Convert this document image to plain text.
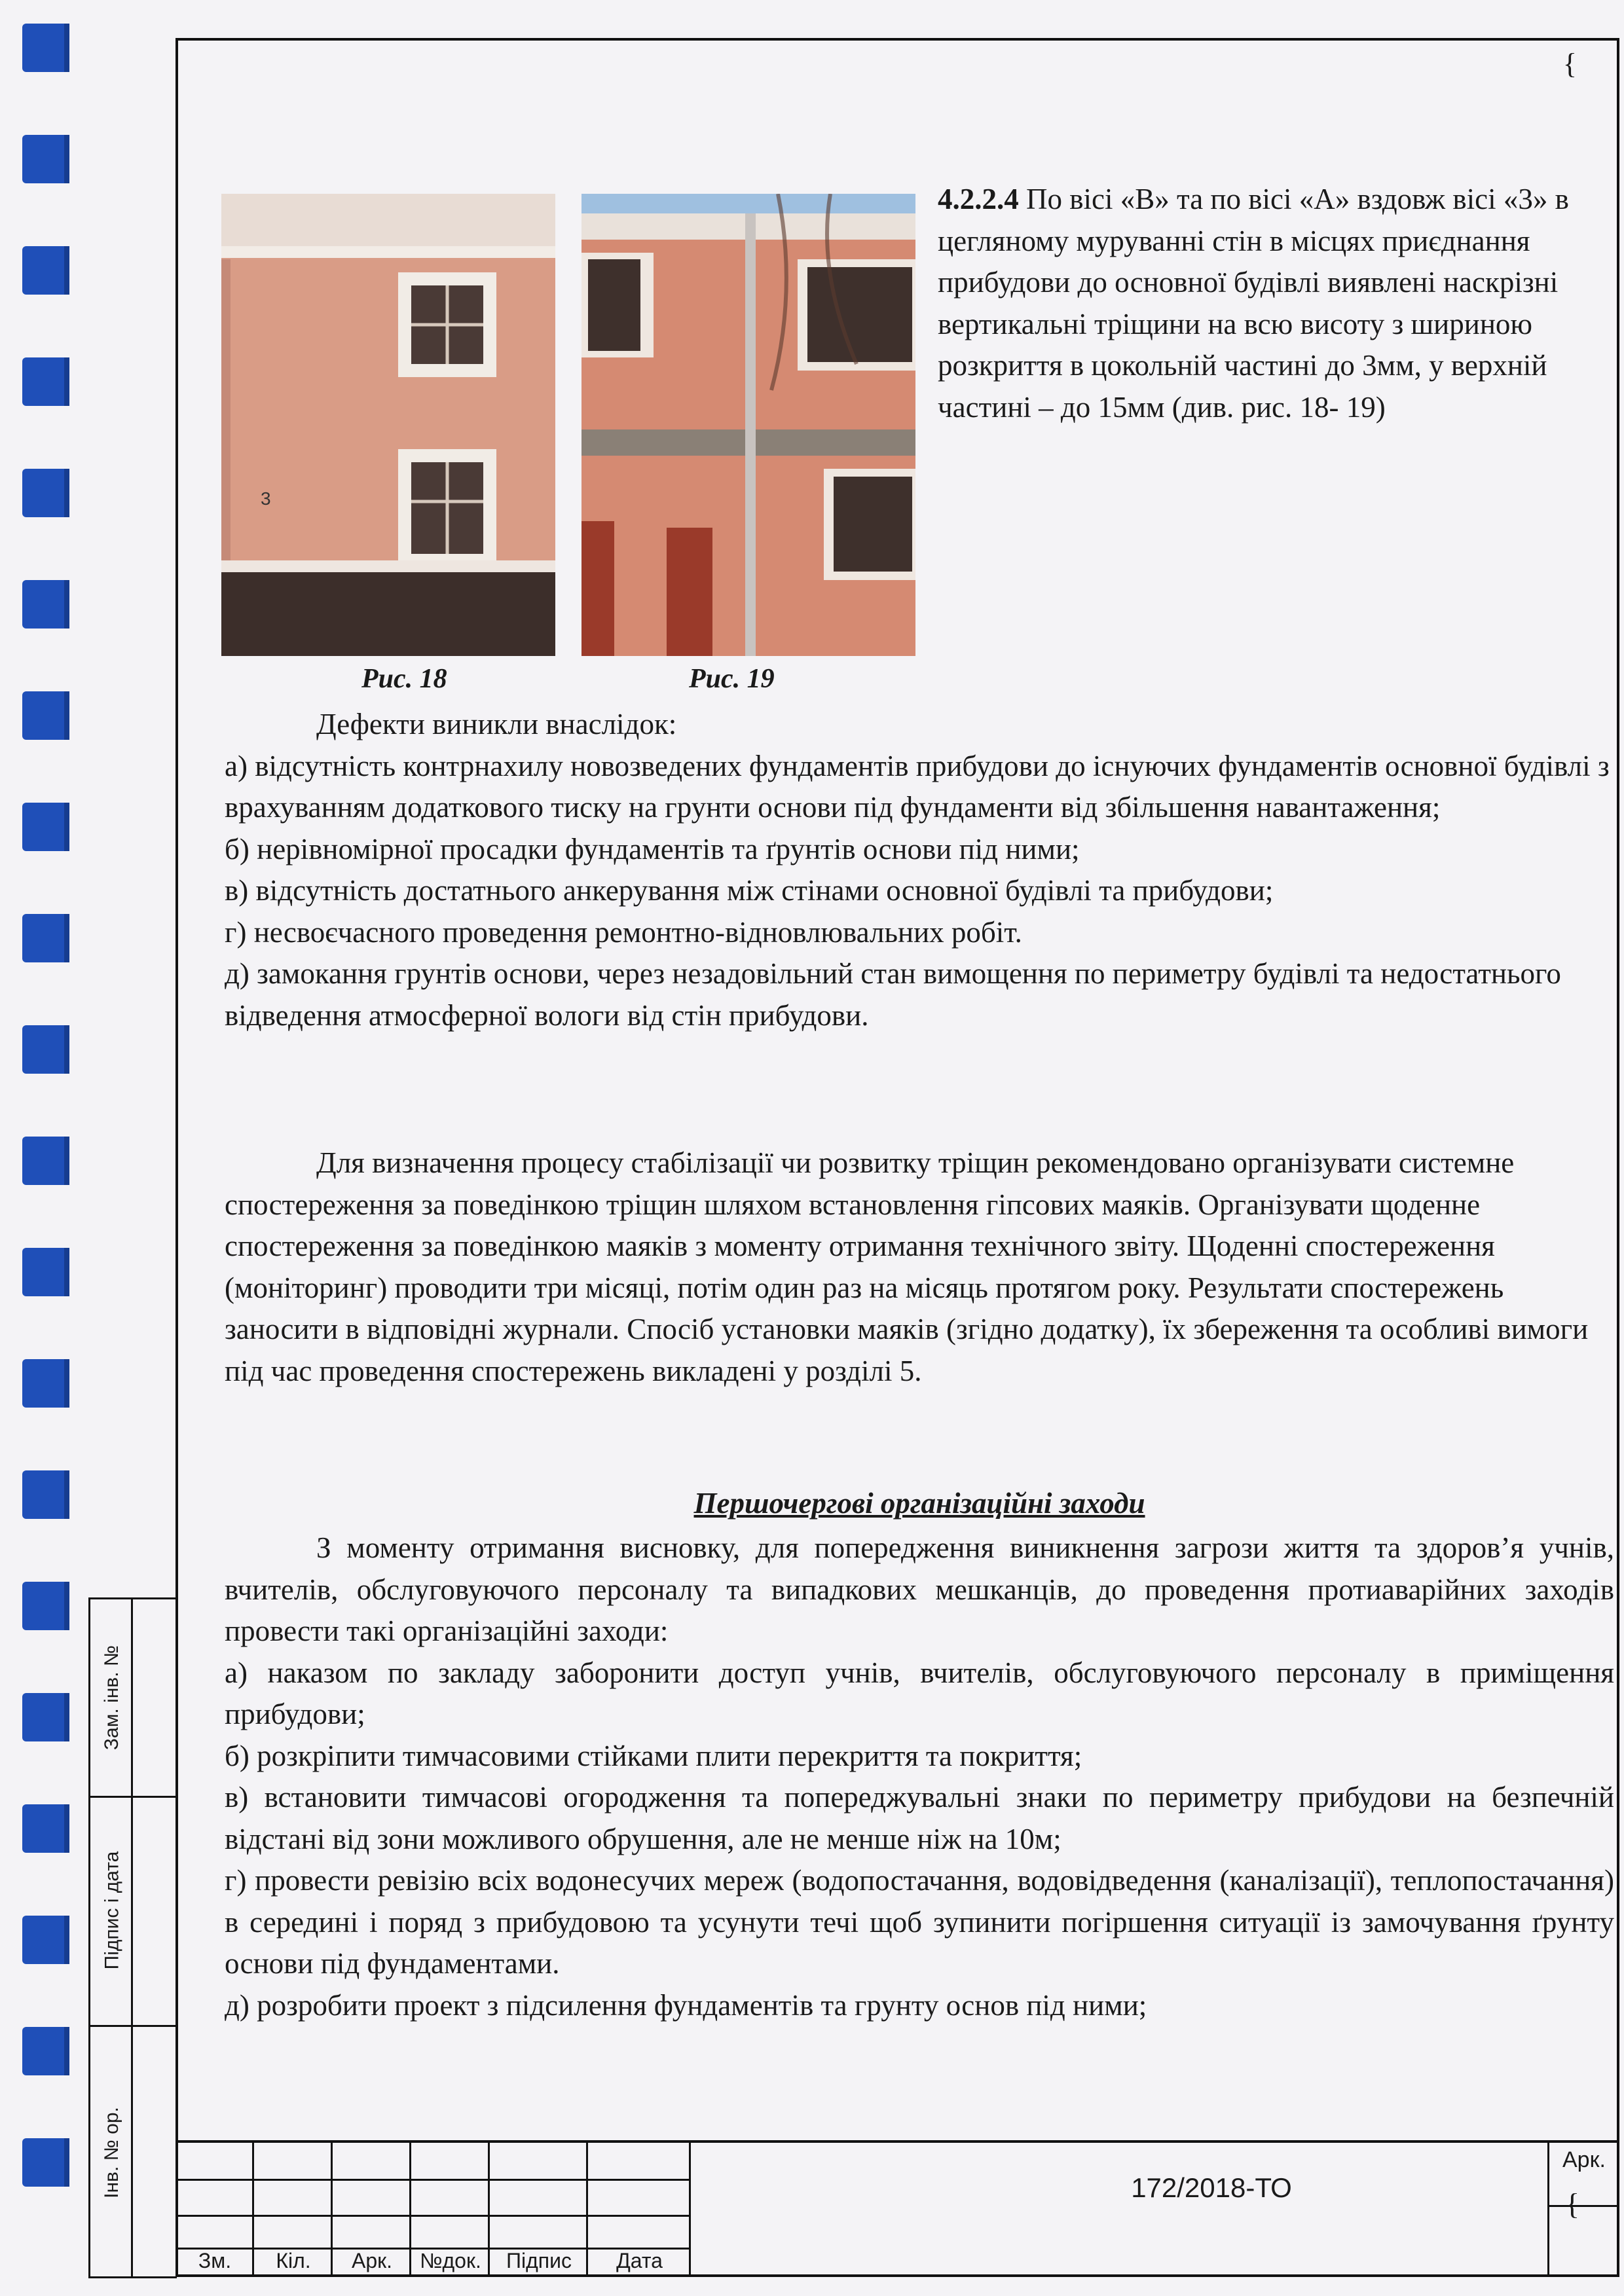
{
3
Рис. 18	Рис. 19
4.2.2.4 По вісі «В» та по вісі «А» вздовж вісі «3» в цегляному муруванні стін в місцях приєднання прибудови до основної будівлі виявлені наскрізні вертикальні тріщини на всю висоту з шириною розкриття в цокольній частині до 3мм, у верхній частині – до 15мм (див. рис. 18- 19)
Дефекти виникли внаслідок:
а) відсутність контрнахилу новозведених фундаментів прибудови до існуючих фундаментів основної будівлі з врахуванням додаткового тиску на грунти основи під фундаменти від збільшення навантаження;
б) нерівномірної просадки фундаментів та ґрунтів основи під ними;
в) відсутність достатнього анкерування між стінами основної будівлі та прибудови;
г) несвоєчасного проведення ремонтно-відновлювальних робіт.
д) замокання грунтів основи, через незадовільний стан вимощення по периметру будівлі та недостатнього відведення атмосферної вологи від стін прибудови.
Для визначення процесу стабілізації чи розвитку тріщин рекомендовано організувати системне спостереження за поведінкою тріщин шляхом встановлення гіпсових маяків. Організувати щоденне спостереження за поведінкою маяків з моменту отримання технічного звіту. Щоденні спостереження (моніторинг) проводити три місяці, потім один раз на місяць протягом року. Результати спостережень заносити в відповідні журнали. Спосіб установки маяків (згідно додатку), їх збереження та особливі вимоги під час проведення спостережень викладені у розділі 5.
Першочергові організаційні заходи
З моменту отримання висновку, для попередження виникнення загрози життя та здоров’я учнів, вчителів, обслуговуючого персоналу та випадкових мешканців, до проведення протиаварійних заходів провести такі організаційні заходи:
а) наказом по закладу заборонити доступ учнів, вчителів, обслуговуючого персоналу в приміщення прибудови;
б) розкріпити тимчасовими стійками плити перекриття та покриття;
в) встановити тимчасові огородження та попереджувальні знаки по периметру прибудови на безпечній відстані від зони можливого обрушення, але не менше ніж на 10м;
г) провести ревізію всіх водонесучих мереж (водопостачання, водовідведення (каналізації), теплопостачання) в середині і поряд з прибудовою та усунути течі щоб зупинити погіршення ситуації із замочування ґрунту основи під фундаментами.
д) розробити проект з підсилення фундаментів та грунту основ під ними;
Зам. інв. №
Підпис і дата
Інв. № ор.
Зм.	Кіл.	Арк.	№док.	Підпис	Дата
172/2018-ТО
Арк.
{
